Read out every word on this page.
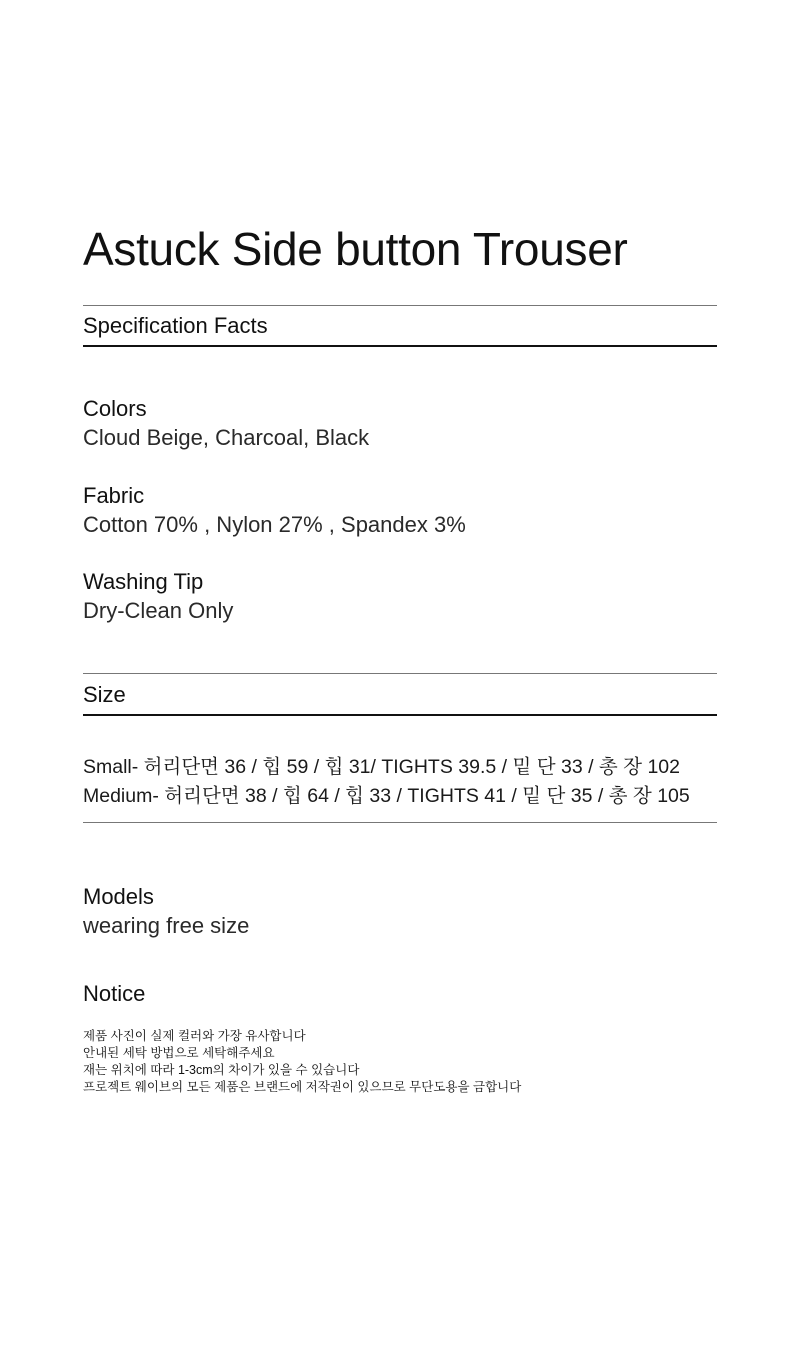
Astuck Side button Trouser
Specification Facts
Colors
Cloud Beige, Charcoal, Black
Fabric
Cotton 70% , Nylon 27% , Spandex 3%
Washing Tip
Dry-Clean Only
Size
Small- 허리단면 36 / 힙 59 / 힙 31/ TIGHTS 39.5 / 밑 단 33 / 총 장 102
Medium- 허리단면 38 / 힙 64 / 힙 33 / TIGHTS 41 / 밑 단 35 / 총 장 105
Models
wearing free size
Notice
제품 사진이 실제 컬러와 가장 유사합니다
안내된 세탁 방법으로 세탁해주세요
재는 위치에 따라 1-3cm의 차이가 있을 수 있습니다
프로젝트 웨이브의 모든 제품은 브랜드에 저작권이 있으므로 무단도용을 금합니다
